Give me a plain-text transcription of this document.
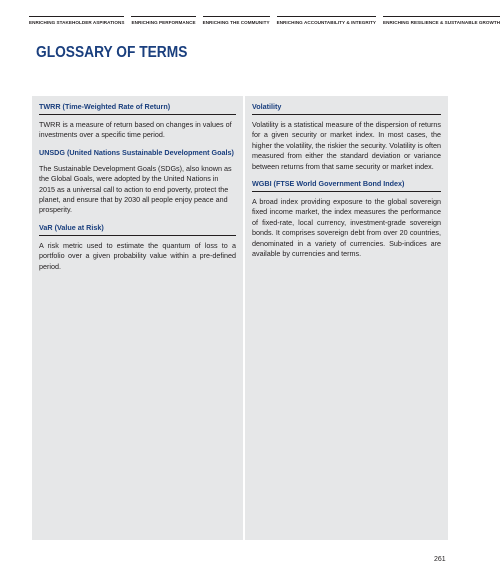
ENRICHING STAKEHOLDER ASPIRATIONS ENRICHING PERFORMANCE ENRICHING THE COMMUNITY ENRICHING ACCOUNTABILITY & INTEGRITY ENRICHING RESILIENCE & SUSTAINABLE GROWTH
GLOSSARY OF TERMS
TWRR (Time-Weighted Rate of Return)

TWRR is a measure of return based on changes in values of investments over a specific time period.

UNSDG (United Nations Sustainable Development Goals)

The Sustainable Development Goals (SDGs), also known as the Global Goals, were adopted by the United Nations in 2015 as a universal call to action to end poverty, protect the planet, and ensure that by 2030 all people enjoy peace and prosperity.

VaR (Value at Risk)

A risk metric used to estimate the quantum of loss to a portfolio over a given probability value within a pre-defined period.

Volatility

Volatility is a statistical measure of the dispersion of returns for a given security or market index. In most cases, the higher the volatility, the riskier the security. Volatility is often measured from either the standard deviation or variance between returns from that same security or market index.

WGBI (FTSE World Government Bond Index)

A broad index providing exposure to the global sovereign fixed income market, the index measures the performance of fixed-rate, local currency, investment-grade sovereign bonds. It comprises sovereign debt from over 20 countries, denominated in a variety of currencies. Sub-indices are available by currencies and terms.

261
